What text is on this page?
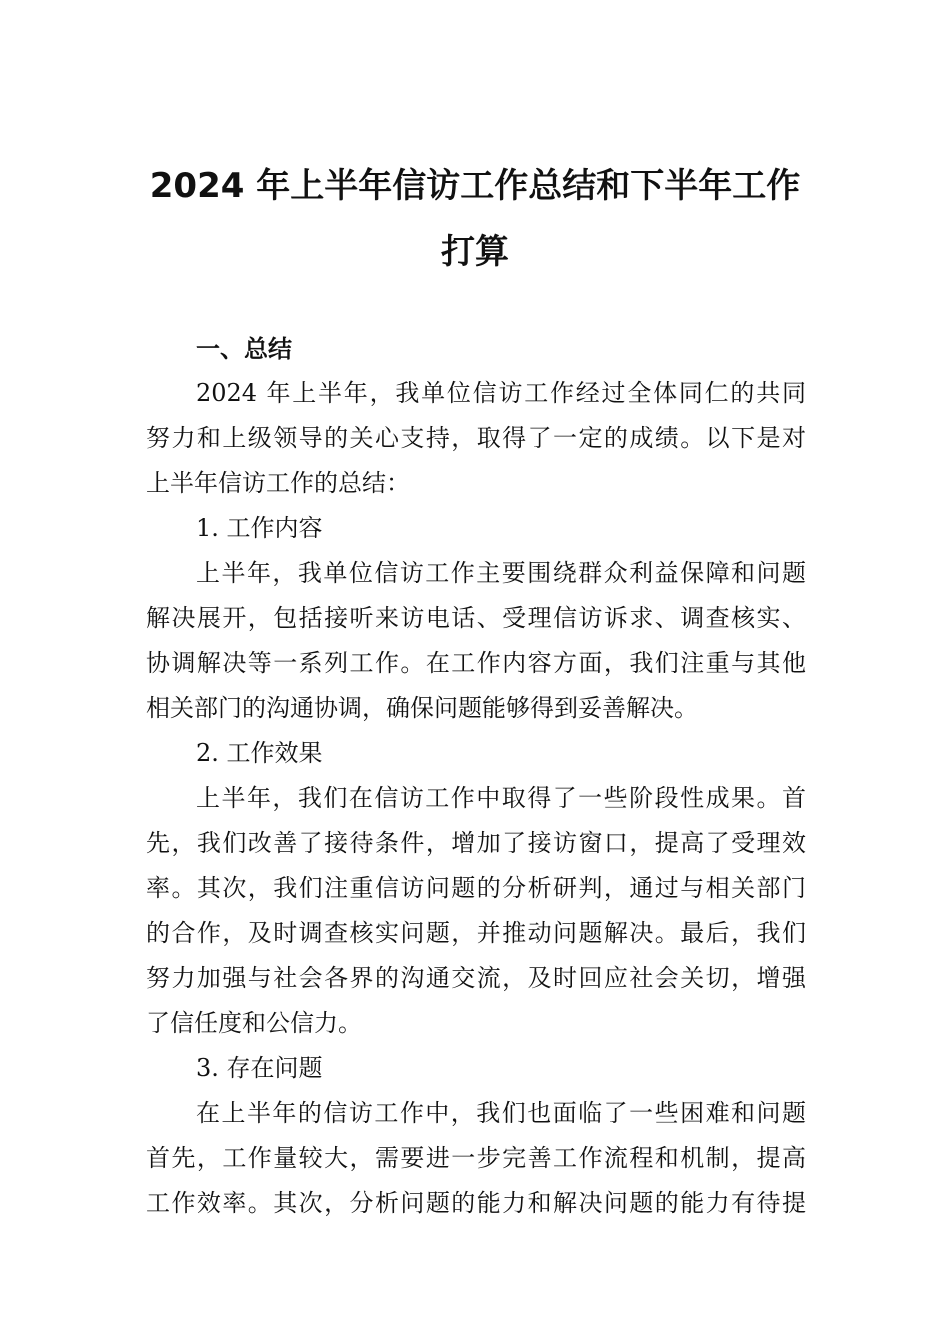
2024 年上半年信访工作总结和下半年工作
打算
一、总结
2024 年上半年，我单位信访工作经过全体同仁的共同
努力和上级领导的关心支持，取得了一定的成绩。以下是对
上半年信访工作的总结：
1. 工作内容
上半年，我单位信访工作主要围绕群众利益保障和问题
解决展开，包括接听来访电话、受理信访诉求、调查核实、
协调解决等一系列工作。在工作内容方面，我们注重与其他
相关部门的沟通协调，确保问题能够得到妥善解决。
2. 工作效果
上半年，我们在信访工作中取得了一些阶段性成果。首
先，我们改善了接待条件，增加了接访窗口，提高了受理效
率。其次，我们注重信访问题的分析研判，通过与相关部门
的合作，及时调查核实问题，并推动问题解决。最后，我们
努力加强与社会各界的沟通交流，及时回应社会关切，增强
了信任度和公信力。
3. 存在问题
在上半年的信访工作中，我们也面临了一些困难和问题
首先，工作量较大，需要进一步完善工作流程和机制，提高
工作效率。其次，分析问题的能力和解决问题的能力有待提
